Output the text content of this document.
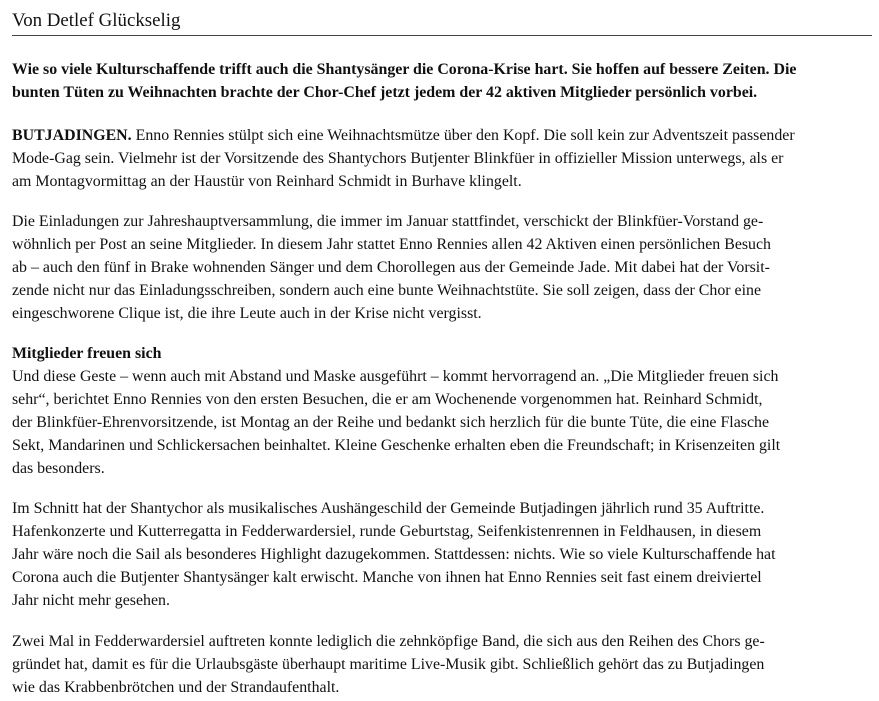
Von Detlef Glückselig

Wie so viele Kulturschaffende trifft auch die Shantysänger die Corona-Krise hart. Sie hoffen auf bessere Zeiten. Die
bunten Tüten zu Weihnachten brachte der Chor-Chef jetzt jedem der 42 aktiven Mitglieder persönlich vorbei.

BUTJADINGEN. Enno Rennies stülpt sich eine Weihnachtsmütze über den Kopf. Die soll kein zur Adventszeit passender
Mode-Gag sein. Vielmehr ist der Vorsitzende des Shantychors Butjenter Blinkfüer in offizieller Mission unterwegs, als er
am Montagvormittag an der Haustür von Reinhard Schmidt in Burhave klingelt.

Die Einladungen zur Jahreshauptversammlung, die immer im Januar stattfindet, verschickt der Blinkfüer-Vorstand ge-
wöhnlich per Post an seine Mitglieder. In diesem Jahr stattet Enno Rennies allen 42 Aktiven einen persönlichen Besuch
ab – auch den fünf in Brake wohnenden Sänger und dem Chorollegen aus der Gemeinde Jade. Mit dabei hat der Vorsit-
zende nicht nur das Einladungsschreiben, sondern auch eine bunte Weihnachtstüte. Sie soll zeigen, dass der Chor eine
eingeschworene Clique ist, die ihre Leute auch in der Krise nicht vergisst.

Mitglieder freuen sich

Und diese Geste – wenn auch mit Abstand und Maske ausgeführt – kommt hervorragend an. „Die Mitglieder freuen sich
sehr“, berichtet Enno Rennies von den ersten Besuchen, die er am Wochenende vorgenommen hat. Reinhard Schmidt,
der Blinkfüer-Ehrenvorsitzende, ist Montag an der Reihe und bedankt sich herzlich für die bunte Tüte, die eine Flasche
Sekt, Mandarinen und Schlickersachen beinhaltet. Kleine Geschenke erhalten eben die Freundschaft; in Krisenzeiten gilt
das besonders.

Im Schnitt hat der Shantychor als musikalisches Aushängeschild der Gemeinde Butjadingen jährlich rund 35 Auftritte.
Hafenkonzerte und Kutterregatta in Fedderwardersiel, runde Geburtstag, Seifenkistenrennen in Feldhausen, in diesem
Jahr wäre noch die Sail als besonderes Highlight dazugekommen. Stattdessen: nichts. Wie so viele Kulturschaffende hat
Corona auch die Butjenter Shantysänger kalt erwischt. Manche von ihnen hat Enno Rennies seit fast einem dreiviertel
Jahr nicht mehr gesehen.

Zwei Mal in Fedderwardersiel auftreten konnte lediglich die zehnköpfige Band, die sich aus den Reihen des Chors ge-
gründet hat, damit es für die Urlaubsgäste überhaupt maritime Live-Musik gibt. Schließlich gehört das zu Butjadingen
wie das Krabbenbrötchen und der Strandaufenthalt.
